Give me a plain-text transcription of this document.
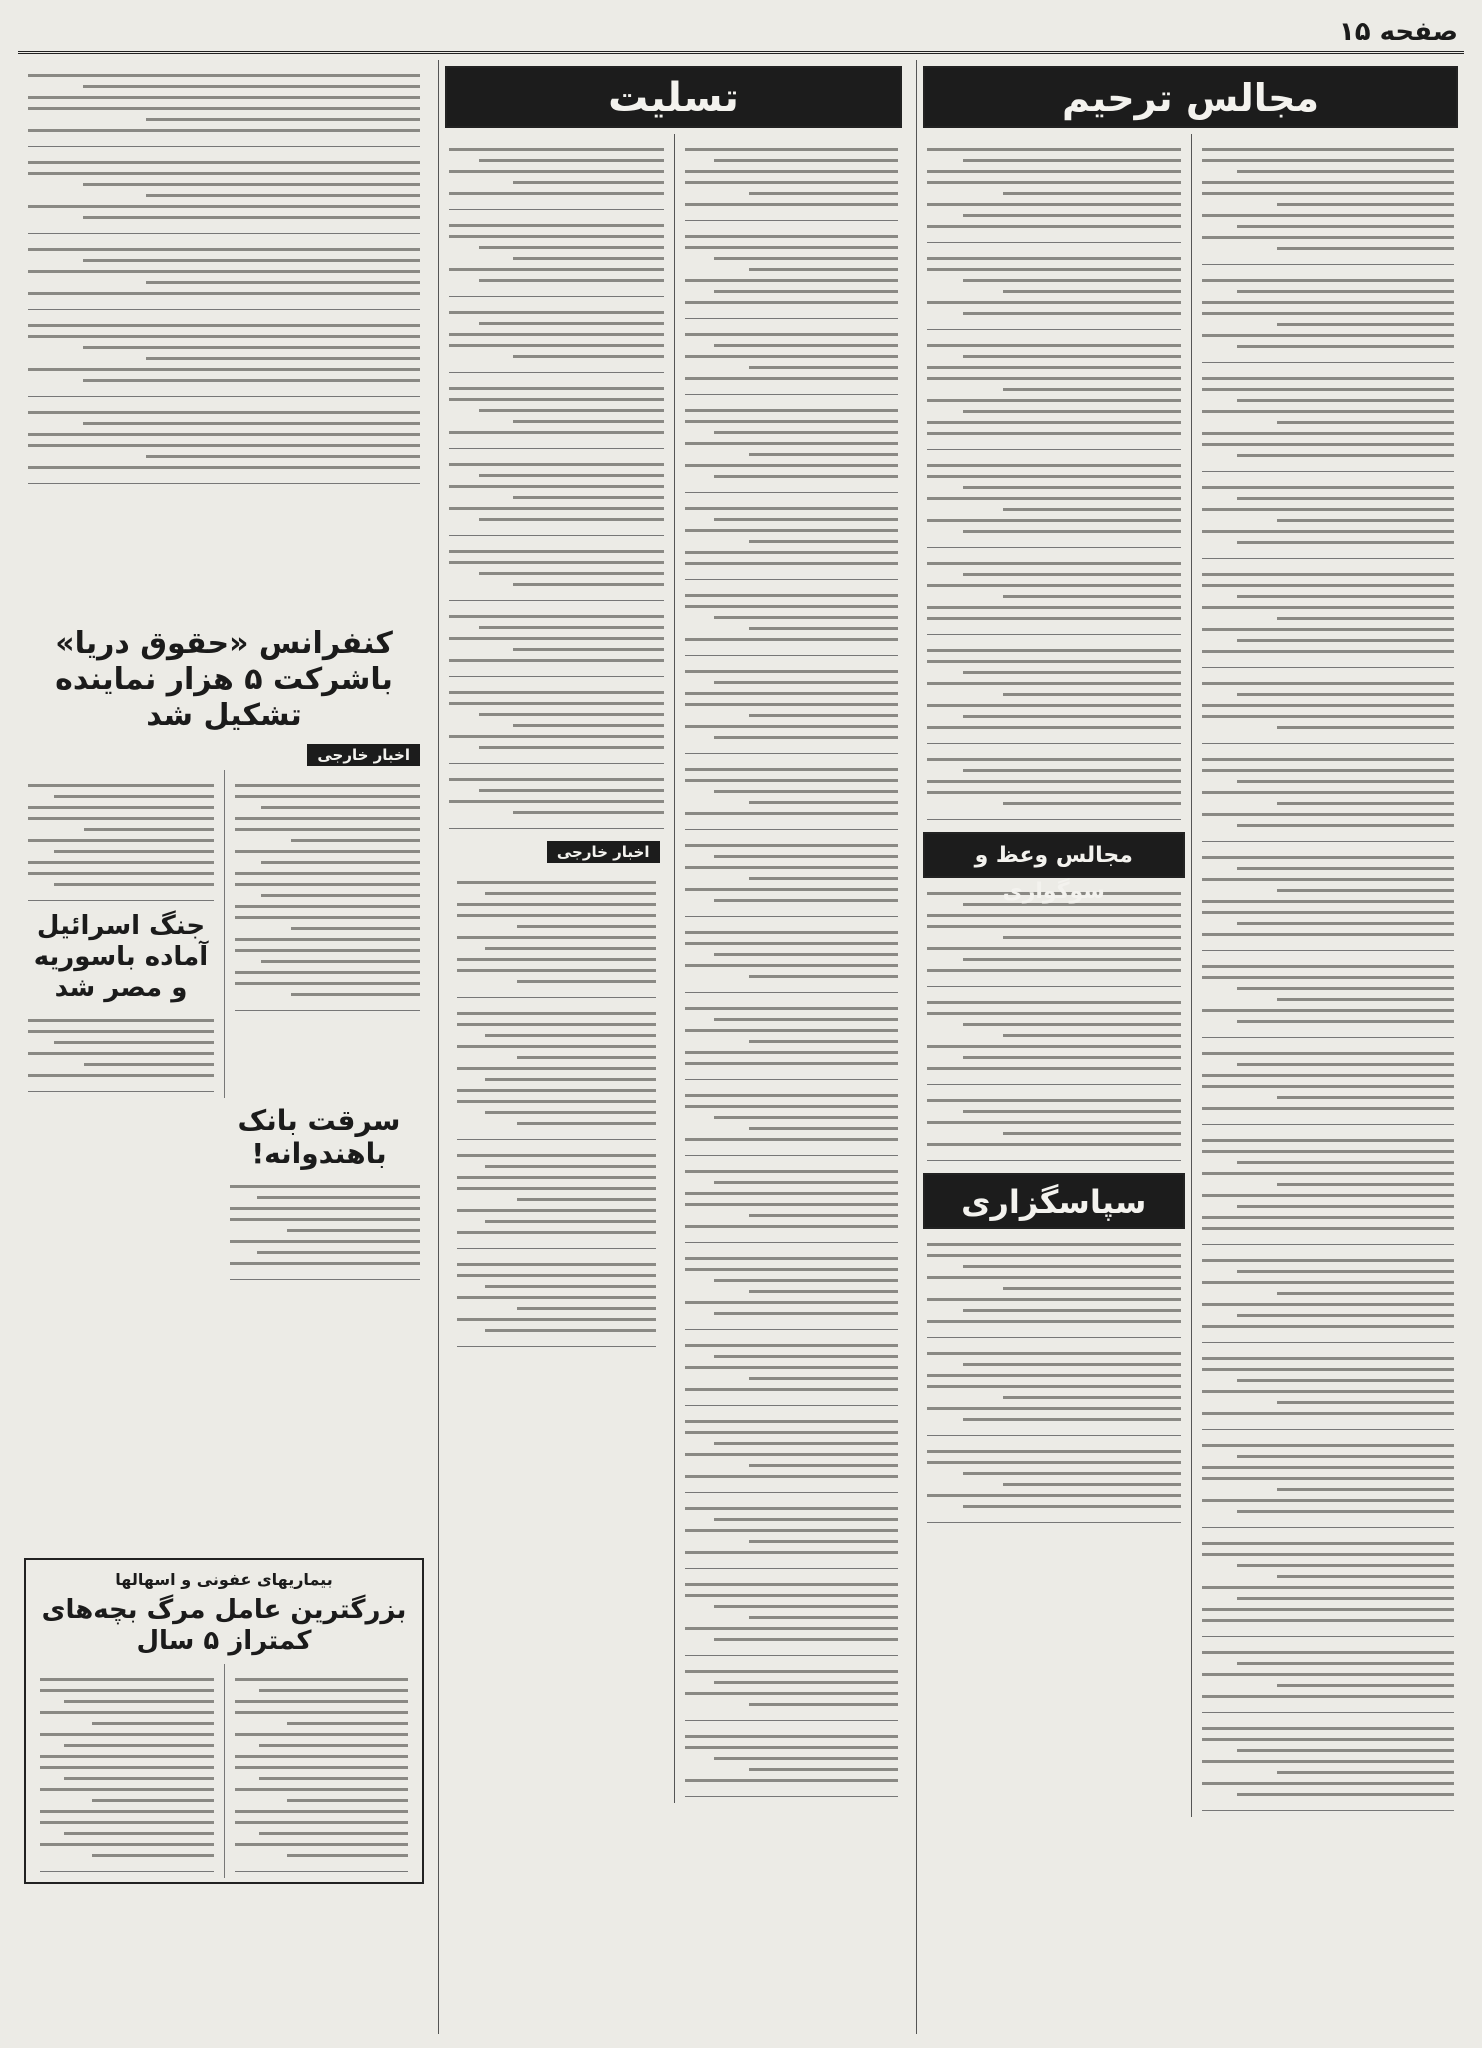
صفحه ۱۵
مجالس ترحیم
مجالس وعظ و سوگواری
سپاسگزاری
تسلیت
اخبار خارجی
کنفرانس «حقوق دریا» باشرکت ۵ هزار نماینده تشکیل شد
اخبار خارجی
جنگ اسرائیل آماده باسوریه و مصر شد
سرقت بانک باهندوانه!
بیماریهای عفونی و اسهالها
بزرگترین عامل مرگ بچه‌های کمتراز ۵ سال
